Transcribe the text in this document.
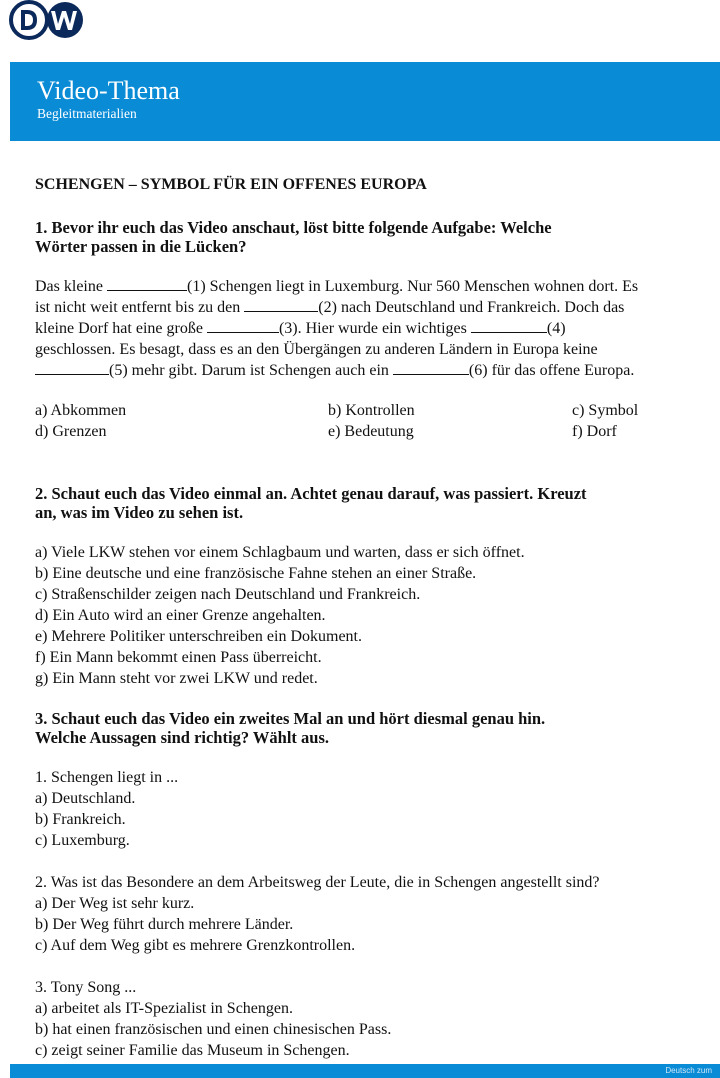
Video-Thema
Begleitmaterialien

SCHENGEN – SYMBOL FÜR EIN OFFENES EUROPA

1. Bevor ihr euch das Video anschaut, löst bitte folgende Aufgabe: Welche

Wörter passen in die Lücken?

Das kleine	(1) Schengen liegt in Luxemburg. Nur 560 Menschen wohnen dort. Es

ist nicht weit entfernt bis zu den	(2) nach Deutschland und Frankreich. Doch das

kleine Dorf hat eine große	(3). Hier wurde ein wichtiges	(4)

geschlossen. Es besagt, dass es an den Übergängen zu anderen Ländern in Europa keine

(5) mehr gibt. Darum ist Schengen auch ein	(6) für das offene Europa.

a) Abkommen	b) Kontrollen	c) Symbol
d) Grenzen	e) Bedeutung	f) Dorf

2. Schaut euch das Video einmal an. Achtet genau darauf, was passiert. Kreuzt

an, was im Video zu sehen ist.

a) Viele LKW stehen vor einem Schlagbaum und warten, dass er sich öffnet.

b) Eine deutsche und eine französische Fahne stehen an einer Straße.

c) Straßenschilder zeigen nach Deutschland und Frankreich.

d) Ein Auto wird an einer Grenze angehalten.

e) Mehrere Politiker unterschreiben ein Dokument.

f) Ein Mann bekommt einen Pass überreicht.

g) Ein Mann steht vor zwei LKW und redet.

3. Schaut euch das Video ein zweites Mal an und hört diesmal genau hin.

Welche Aussagen sind richtig? Wählt aus.

1. Schengen liegt in ...

a) Deutschland.

b) Frankreich.

c) Luxemburg.

2. Was ist das Besondere an dem Arbeitsweg der Leute, die in Schengen angestellt sind?

a) Der Weg ist sehr kurz.

b) Der Weg führt durch mehrere Länder.

c) Auf dem Weg gibt es mehrere Grenzkontrollen.

3. Tony Song ...

a) arbeitet als IT-Spezialist in Schengen.

b) hat einen französischen und einen chinesischen Pass.

c) zeigt seiner Familie das Museum in Schengen.

Deutsch zum
